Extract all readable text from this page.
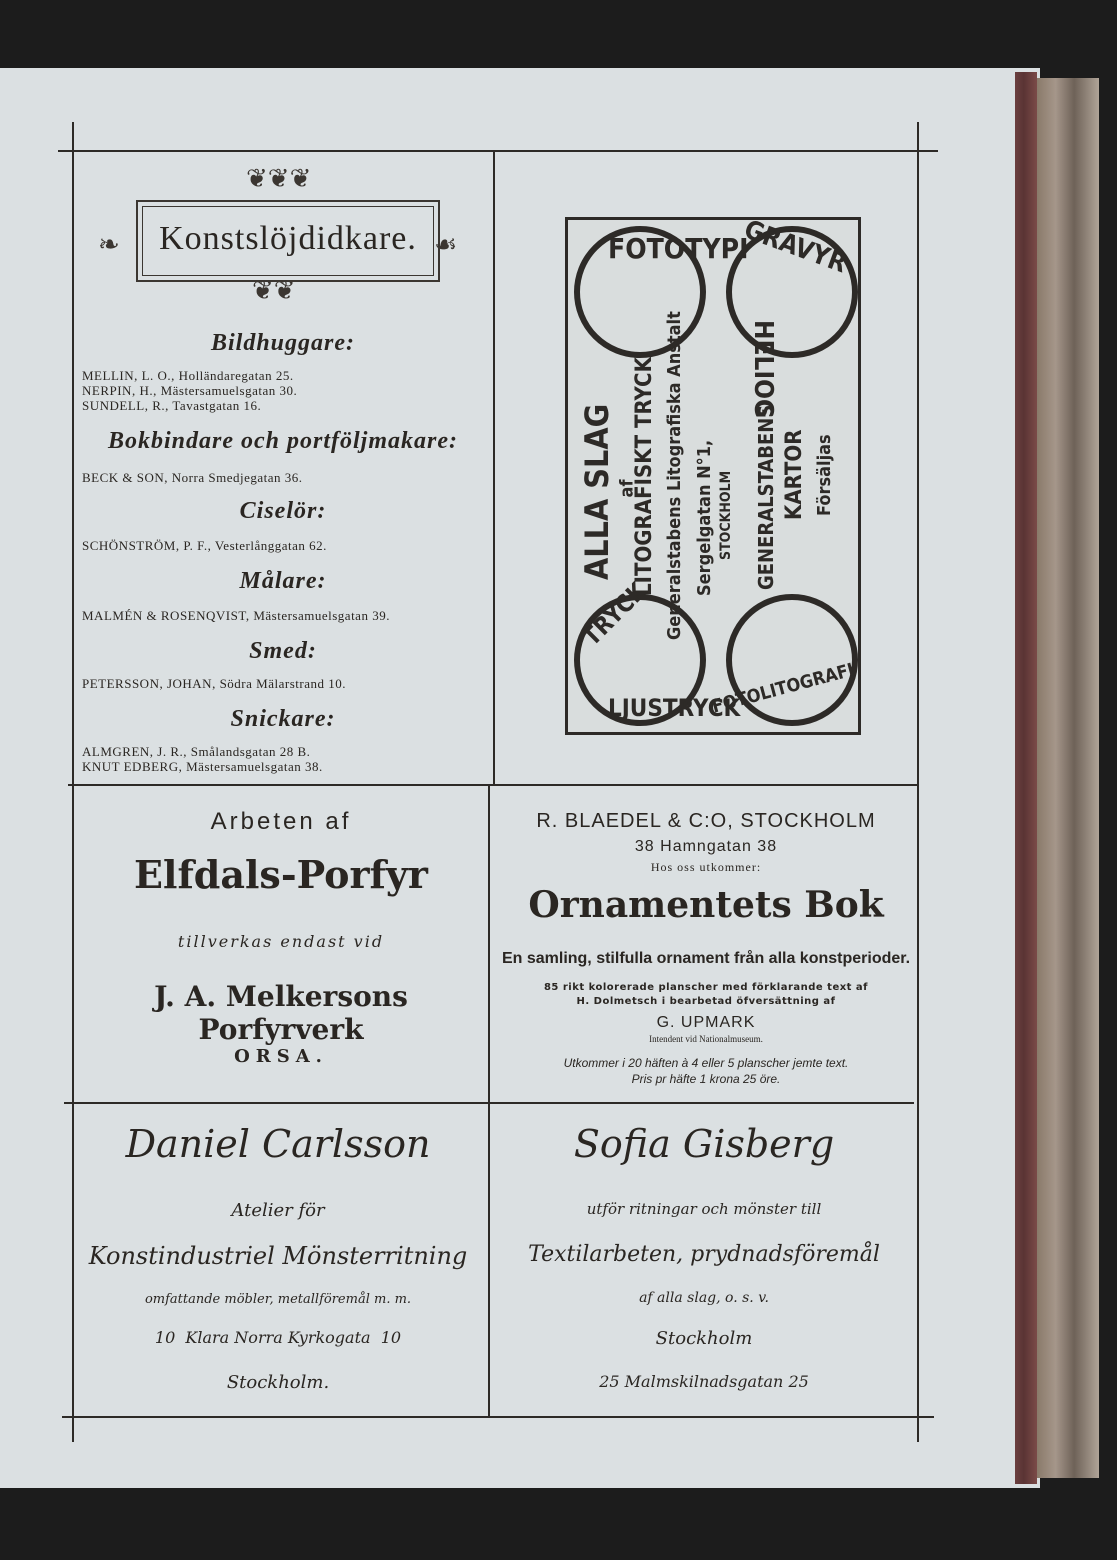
❦❦❦
❧	☙
Konstslöjdidkare.
❦❦
Bildhuggare:
MELLIN, L. O., Holländaregatan 25.
NERPIN, H., Mästersamuelsgatan 30.
SUNDELL, R., Tavastgatan 16.
Bokbindare och portföljmakare:
BECK & SON, Norra Smedjegatan 36.
Ciselör:
SCHÖNSTRÖM, P. F., Vesterlånggatan 62.
Målare:
MALMÉN & ROSENQVIST, Mästersamuelsgatan 39.
Smed:
PETERSSON, JOHAN, Södra Mälarstrand 10.
Snickare:
ALMGREN, J. R., Smålandsgatan 28 B.
KNUT EDBERG, Mästersamuelsgatan 38.
FOTOTYPI
GRAVYR
HELIOG
ALLA SLAG af
LITOGRAFISKT TRYCK Generalstabens Litografiska Anstalt Sergelgatan N°1, STOCKHOLM GENERALSTABENS KARTOR Försäljas
TRYCK
LJUSTRYCK
FOTOLITOGRAFI
Arbeten af
Elfdals-Porfyr
tillverkas endast vid
J. A. Melkersons Porfyrverk
ORSA.
R. BLAEDEL & C:O, STOCKHOLM
38 Hamngatan 38
Hos oss utkommer:
Ornamentets Bok
En samling, stilfulla ornament från alla konstperioder.
85 rikt kolorerade planscher med förklarande text af
H. Dolmetsch i bearbetad öfversättning af
G. UPMARK
Intendent vid Nationalmuseum.
Utkommer i 20 häften à 4 eller 5 planscher jemte text.
Pris pr häfte 1 krona 25 öre.
Daniel Carlsson
Atelier för
Konstindustriel Mönsterritning
omfattande möbler, metallföremål m. m.
10  Klara Norra Kyrkogata  10
Stockholm.
Sofia Gisberg
utför ritningar och mönster till
Textilarbeten, prydnadsföremål
af alla slag, o. s. v.
Stockholm
25 Malmskilnadsgatan 25
